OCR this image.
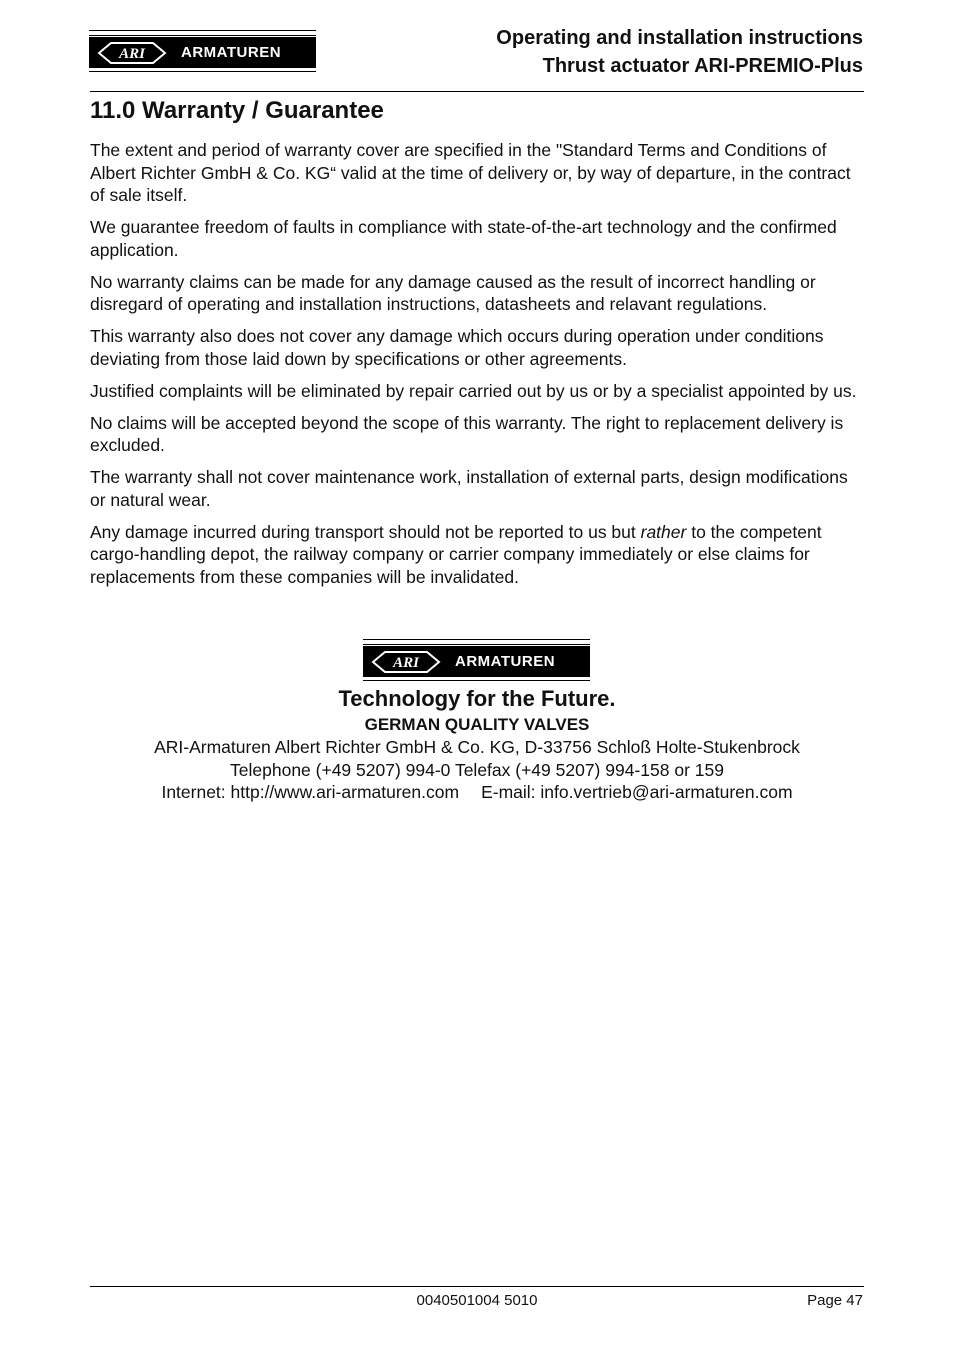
ARI ARMATUREN
Operating and installation instructions
Thrust actuator ARI-PREMIO-Plus
11.0 Warranty / Guarantee

The extent and period of warranty cover are specified in the "Standard Terms and Conditions of Albert Richter GmbH & Co. KG“ valid at the time of delivery or, by way of departure, in the contract of sale itself.

We guarantee freedom of faults in compliance with state-of-the-art technology and the confirmed application.

No warranty claims can be made for any damage caused as the result of incorrect handling or disregard of operating and installation instructions, datasheets and relavant regulations.

This warranty also does not cover any damage which occurs during operation under conditions deviating from those laid down by specifications or other agreements.

Justified complaints will be eliminated by repair carried out by us or by a specialist appointed by us.

No claims will be accepted beyond the scope of this warranty. The right to replacement delivery is excluded.

The warranty shall not cover maintenance work, installation of external parts, design modifications or natural wear.

Any damage incurred during transport should not be reported to us but rather to the competent cargo-handling depot, the railway company or carrier company immediately or else claims for replacements from these companies will be invalidated.

ARI ARMATUREN
Technology for the Future.
GERMAN QUALITY VALVES
ARI-Armaturen Albert Richter GmbH & Co. KG, D-33756 Schloß Holte-Stukenbrock
Telephone (+49 5207) 994-0 Telefax (+49 5207) 994-158 or 159
Internet: http://www.ari-armaturen.com E-mail: info.vertrieb@ari-armaturen.com
0040501004 5010	Page 47
